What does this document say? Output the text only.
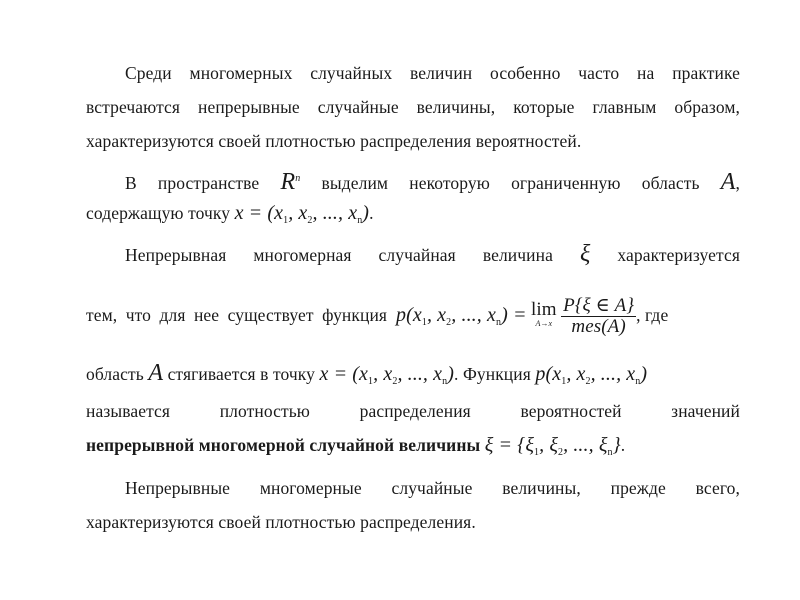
Среди многомерных случайных величин особенно часто на практике
встречаются непрерывные случайные величины, которые главным образом,
характеризуются своей плотностью распределения вероятностей.
В пространстве $R^n$ выделим некоторую ограниченную область A,
содержащую точку $x = (x_1$, $x_2$, ..., $x_n$).
Непрерывная многомерная случайная величина ξ характеризуется
тем, что для нее существует функция $p(x_1$, $x_2$, ..., $x_n) = \lim$
A→x
$\frac{P\{\xi \in A\}}{\text{mes(A)}}$ , где
область A стягивается в точку $x = (x_1$, $x_2$, ..., $x_n$). Функция $p(x_1$, $x_2$, ..., $x_n$)
называется плотностью распределения вероятностей значений
непрерывной многомерной случайной величины $\xi = \{\xi_1$, $\xi_2$, ..., $\xi_n$}.
Непрерывные многомерные случайные величины, прежде всего,
характеризуются своей плотностью распределения.
